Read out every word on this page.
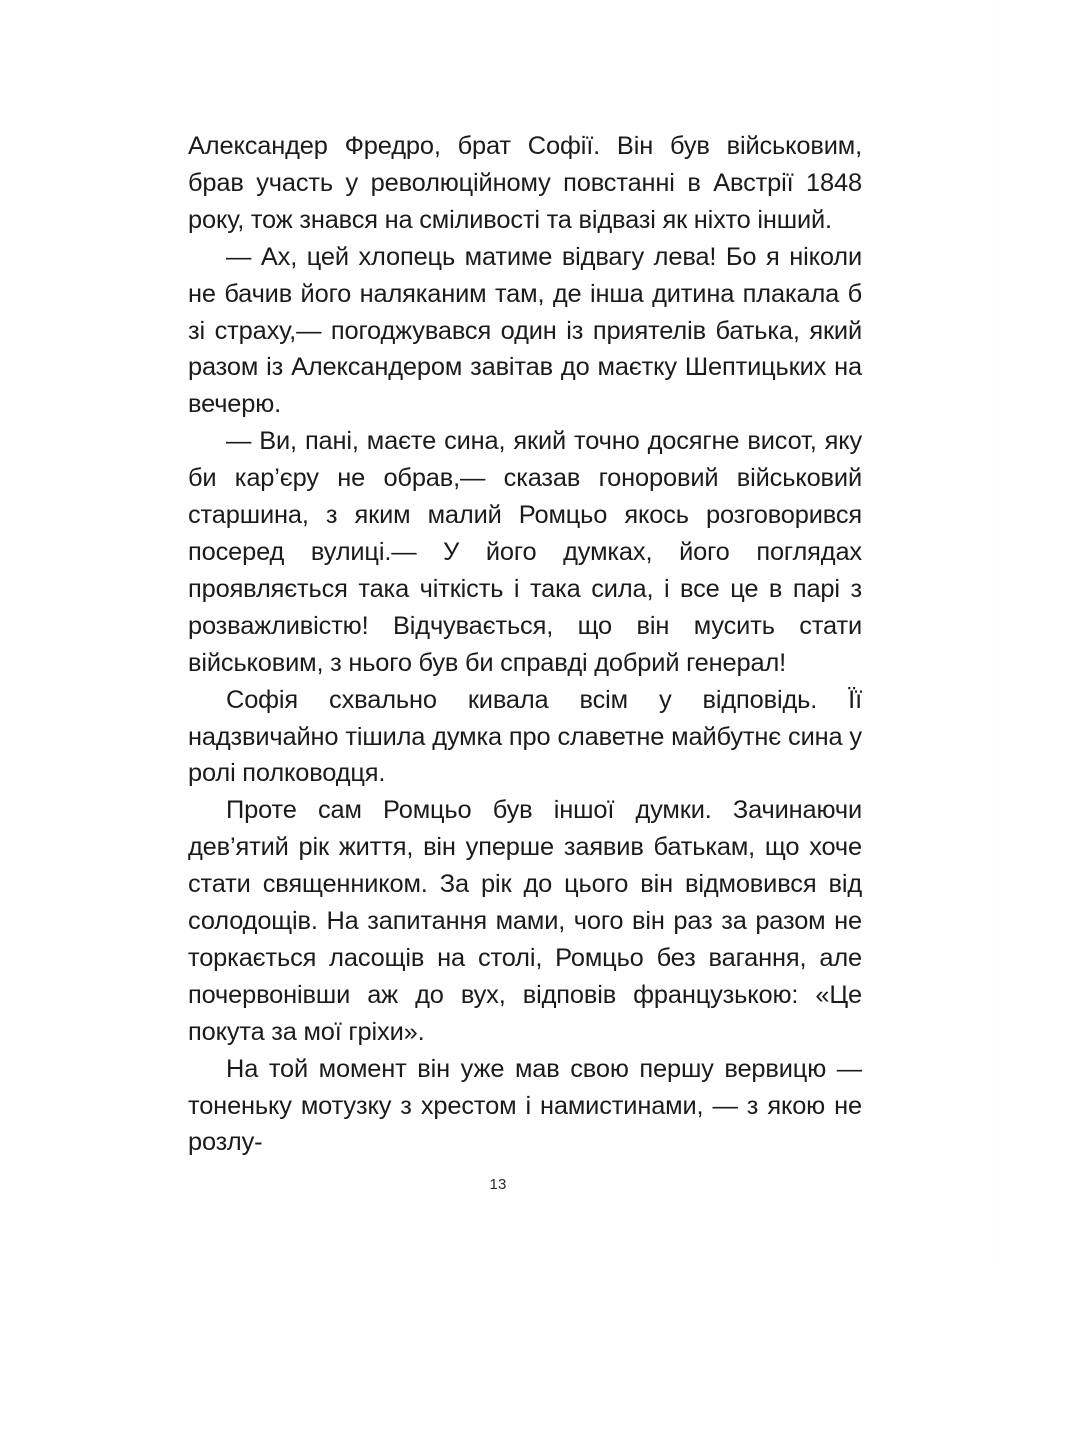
Александер Фредро, брат Софії. Він був військовим, брав участь у революційному повстанні в Австрії 1848 року, тож знався на сміливості та відвазі як ніхто інший.

— Ах, цей хлопець матиме відвагу лева! Бо я ніколи не бачив його наляканим там, де інша дитина плакала б зі страху,— погоджувався один із приятелів батька, який разом із Алексaндером завітав до маєтку Шептицьких на вечерю.

— Ви, пані, маєте сина, який точно досягне висот, яку би кар’єру не обрав,— сказав гоноровий військовий старшина, з яким малий Ромцьо якось розговорився посеред вулиці.— У його думках, його поглядах проявляється така чіткість і така сила, і все це в парі з розважливістю! Відчувається, що він мусить стати військовим, з нього був би справді добрий генерал!

Софія схвально кивала всім у відповідь. Її надзвичайно тішила думка про славетне майбутнє сина у ролі полководця.

Проте сам Ромцьо був іншої думки. Зачинаючи дев’ятий рік життя, він уперше заявив батькам, що хоче стати священником. За рік до цього він відмовився від солодощів. На запитання мами, чого він раз за разом не торкається ласощів на столі, Ромцьо без вагання, але почервонівши аж до вух, відповів французькою: «Це покута за мої гріхи».

На той момент він уже мав свою першу вервицю — тоненьку мотузку з хрестом і намистинами, — з якою не розлу-

13
